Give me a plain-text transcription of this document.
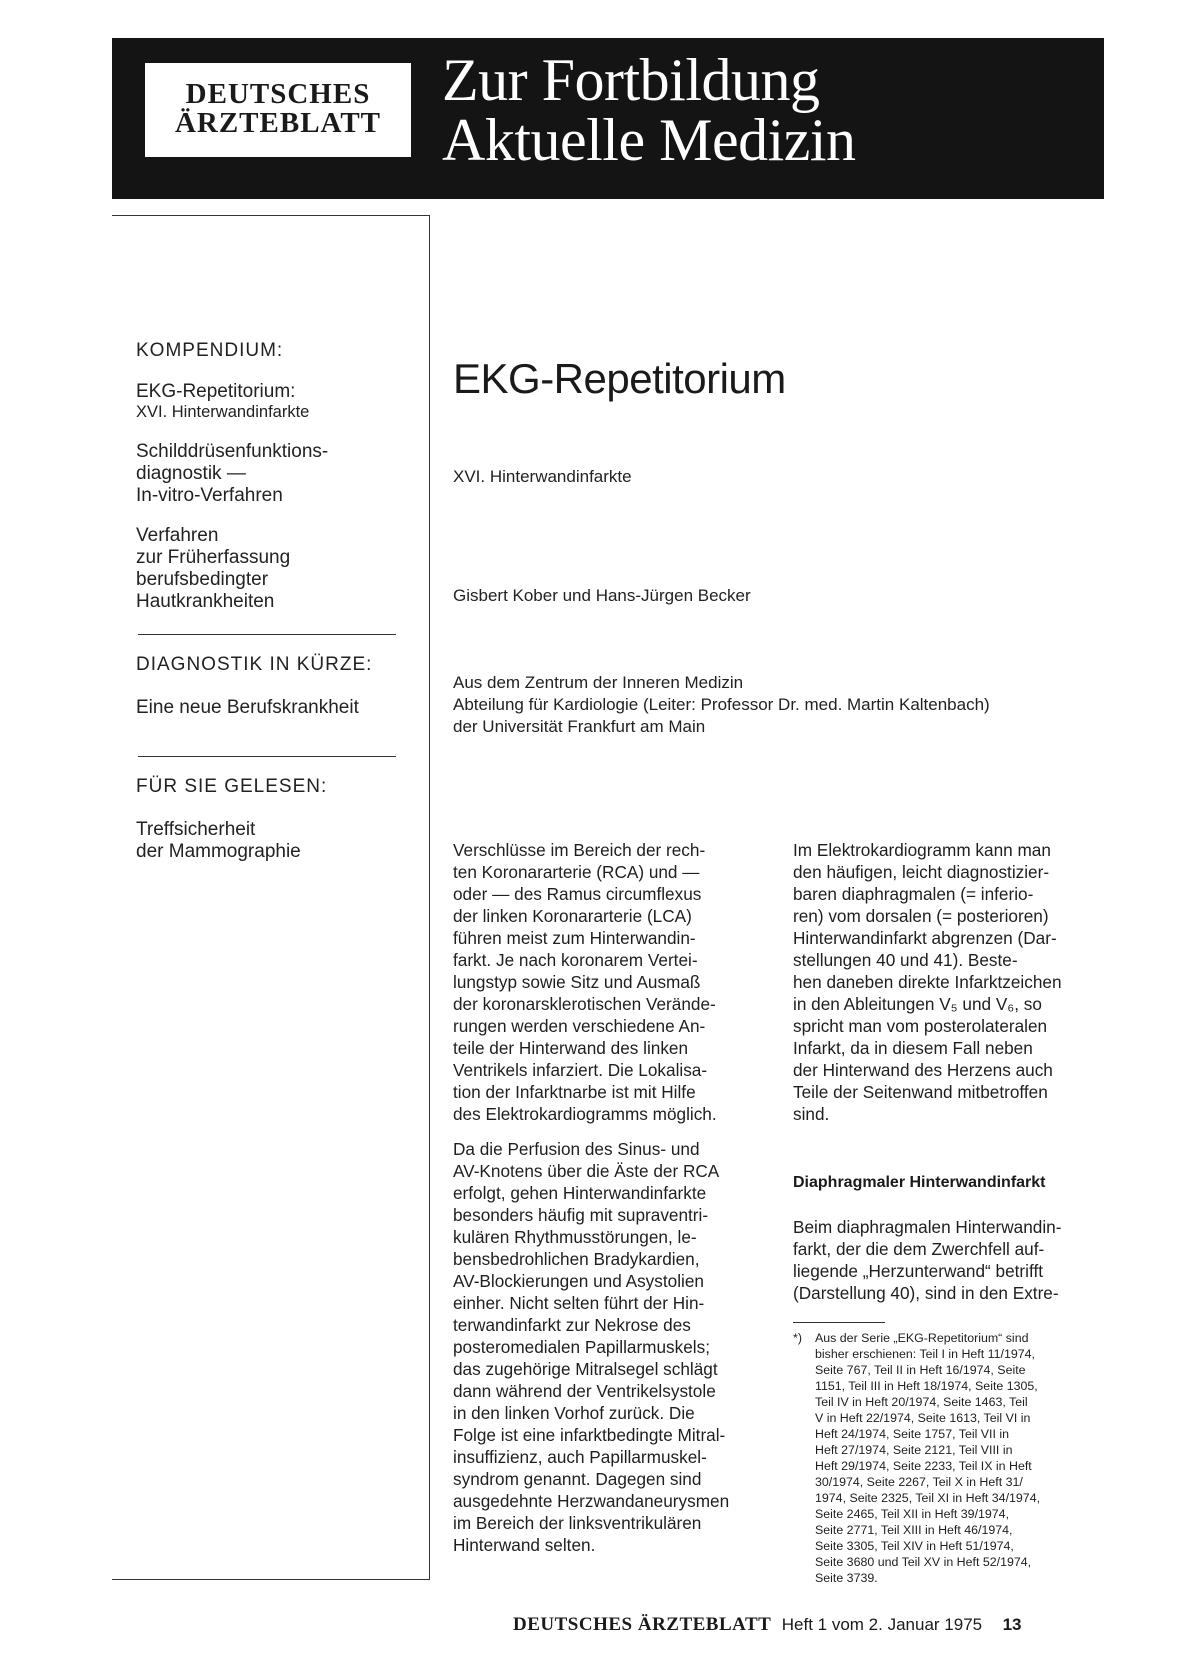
DEUTSCHES
ÄRZTEBLATT
Zur Fortbildung
Aktuelle Medizin
KOMPENDIUM:
EKG-Repetitorium:
XVI. Hinterwandinfarkte
Schilddrüsenfunktions-
diagnostik —
In-vitro-Verfahren
Verfahren
zur Früherfassung
berufsbedingter
Hautkrankheiten
DIAGNOSTIK IN KÜRZE:
Eine neue Berufskrankheit
FÜR SIE GELESEN:
Treffsicherheit
der Mammographie
EKG-Repetitorium
XVI. Hinterwandinfarkte
Gisbert Kober und Hans-Jürgen Becker
Aus dem Zentrum der Inneren Medizin
Abteilung für Kardiologie (Leiter: Professor Dr. med. Martin Kaltenbach)
der Universität Frankfurt am Main
Verschlüsse im Bereich der rech-
ten Koronararterie (RCA) und —
oder — des Ramus circumflexus
der linken Koronararterie (LCA)
führen meist zum Hinterwandin-
farkt. Je nach koronarem Vertei-
lungstyp sowie Sitz und Ausmaß
der koronarsklerotischen Verände-
rungen werden verschiedene An-
teile der Hinterwand des linken
Ventrikels infarziert. Die Lokalisa-
tion der Infarktnarbe ist mit Hilfe
des Elektrokardiogramms möglich.
Da die Perfusion des Sinus- und
AV-Knotens über die Äste der RCA
erfolgt, gehen Hinterwandinfarkte
besonders häufig mit supraventri-
kulären Rhythmusstörungen, le-
bensbedrohlichen Bradykardien,
AV-Blockierungen und Asystolien
einher. Nicht selten führt der Hin-
terwandinfarkt zur Nekrose des
posteromedialen Papillarmuskels;
das zugehörige Mitralsegel schlägt
dann während der Ventrikelsystole
in den linken Vorhof zurück. Die
Folge ist eine infarktbedingte Mitral-
insuffizienz, auch Papillarmuskel-
syndrom genannt. Dagegen sind
ausgedehnte Herzwandaneurysmen
im Bereich der linksventrikulären
Hinterwand selten.
Im Elektrokardiogramm kann man
den häufigen, leicht diagnostizier-
baren diaphragmalen (= inferio-
ren) vom dorsalen (= posterioren)
Hinterwandinfarkt abgrenzen (Dar-
stellungen 40 und 41). Beste-
hen daneben direkte Infarktzeichen
in den Ableitungen V₅ und V₆, so
spricht man vom posterolateralen
Infarkt, da in diesem Fall neben
der Hinterwand des Herzens auch
Teile der Seitenwand mitbetroffen
sind.
Diaphragmaler Hinterwandinfarkt
Beim diaphragmalen Hinterwandin-
farkt, der die dem Zwerchfell auf-
liegende „Herzunterwand“ betrifft
(Darstellung 40), sind in den Extre-
*)	Aus der Serie „EKG-Repetitorium“ sind
bisher erschienen: Teil I in Heft 11/1974,
Seite 767, Teil II in Heft 16/1974, Seite
1151, Teil III in Heft 18/1974, Seite 1305,
Teil IV in Heft 20/1974, Seite 1463, Teil
V in Heft 22/1974, Seite 1613, Teil VI in
Heft 24/1974, Seite 1757, Teil VII in
Heft 27/1974, Seite 2121, Teil VIII in
Heft 29/1974, Seite 2233, Teil IX in Heft
30/1974, Seite 2267, Teil X in Heft 31/
1974, Seite 2325, Teil XI in Heft 34/1974,
Seite 2465, Teil XII in Heft 39/1974,
Seite 2771, Teil XIII in Heft 46/1974,
Seite 3305, Teil XIV in Heft 51/1974,
Seite 3680 und Teil XV in Heft 52/1974,
Seite 3739.
DEUTSCHES ÄRZTEBLATT Heft 1 vom 2. Januar 1975 13
